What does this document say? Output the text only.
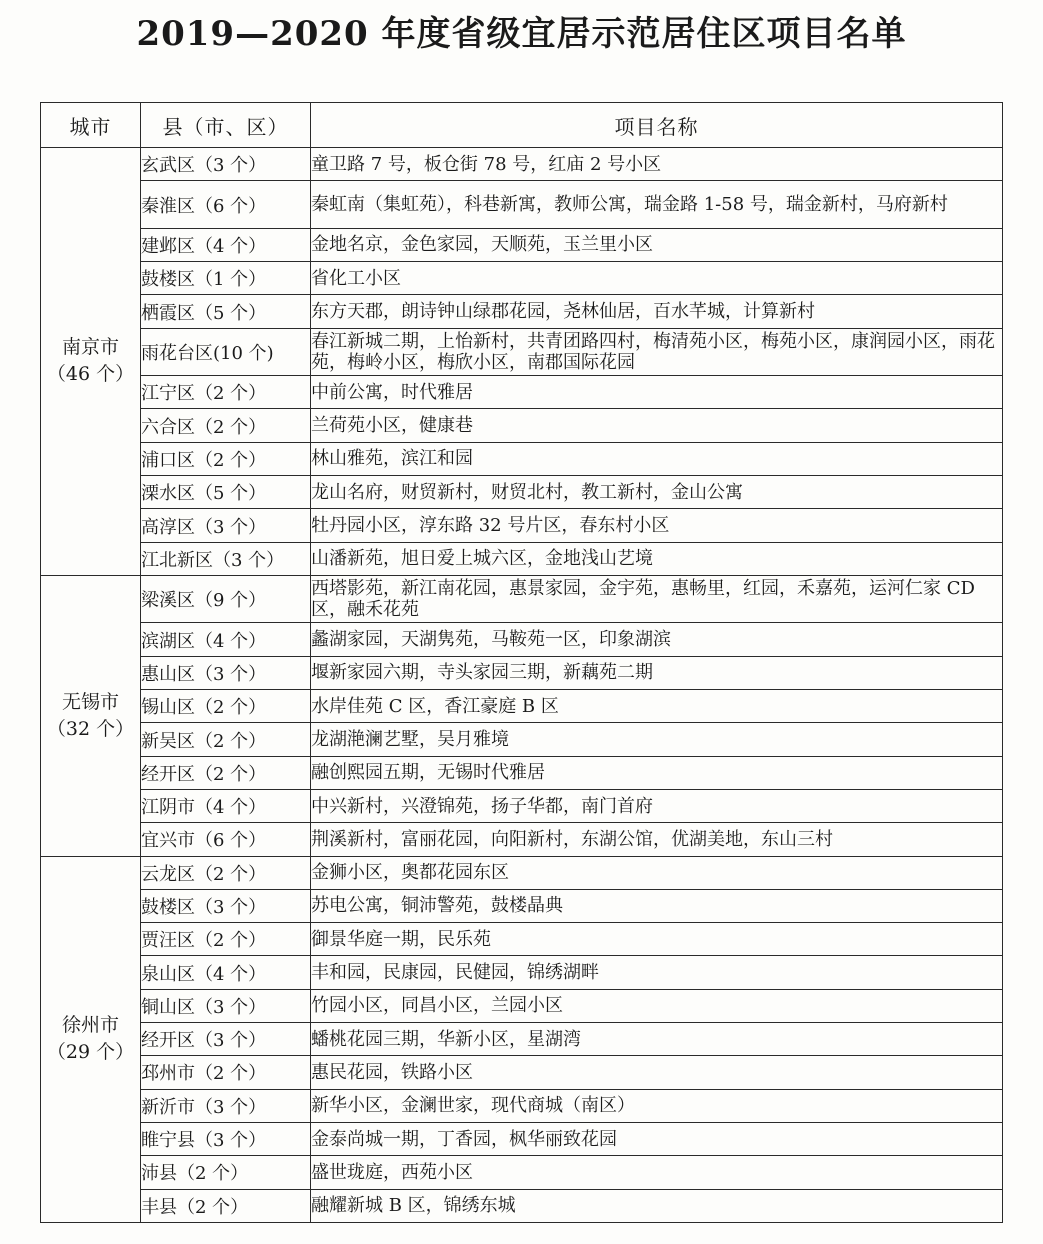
2019—2020 年度省级宜居示范居住区项目名单
城市	县（市、区）	项目名称

南京市
（46 个）	玄武区（3 个）	童卫路 7 号，板仓街 78 号，红庙 2 号小区
	秦淮区（6 个）	秦虹南（集虹苑），科巷新寓，教师公寓，瑞金路 1-58 号，瑞金新村，马府新村
	建邺区（4 个）	金地名京，金色家园，天顺苑，玉兰里小区
	鼓楼区（1 个）	省化工小区
	栖霞区（5 个）	东方天郡，朗诗钟山绿郡花园，尧林仙居，百水芊城，计算新村
	雨花台区(10 个)	春江新城二期，上怡新村，共青团路四村，梅清苑小区，梅苑小区，康润园小区，雨花苑，梅岭小区，梅欣小区，南郡国际花园
	江宁区（2 个）	中前公寓，时代雅居
	六合区（2 个）	兰荷苑小区，健康巷
	浦口区（2 个）	林山雅苑，滨江和园
	溧水区（5 个）	龙山名府，财贸新村，财贸北村，教工新村，金山公寓
	高淳区（3 个）	牡丹园小区，淳东路 32 号片区，春东村小区
	江北新区（3 个）	山潘新苑，旭日爱上城六区，金地浅山艺境

无锡市
（32 个）	梁溪区（9 个）	西塔影苑，新江南花园，惠景家园，金宇苑，惠畅里，红园，禾嘉苑，运河仁家 CD 区，融禾花苑
	滨湖区（4 个）	蠡湖家园，天湖隽苑，马鞍苑一区，印象湖滨
	惠山区（3 个）	堰新家园六期，寺头家园三期，新藕苑二期
	锡山区（2 个）	水岸佳苑 C 区，香江豪庭 B 区
	新吴区（2 个）	龙湖滟澜艺墅，吴月雅境
	经开区（2 个）	融创熙园五期，无锡时代雅居
	江阴市（4 个）	中兴新村，兴澄锦苑，扬子华都，南门首府
	宜兴市（6 个）	荆溪新村，富丽花园，向阳新村，东湖公馆，优湖美地，东山三村

徐州市
（29 个）	云龙区（2 个）	金狮小区，奥都花园东区
	鼓楼区（3 个）	苏电公寓，铜沛警苑，鼓楼晶典
	贾汪区（2 个）	御景华庭一期，民乐苑
	泉山区（4 个）	丰和园，民康园，民健园，锦绣湖畔
	铜山区（3 个）	竹园小区，同昌小区，兰园小区
	经开区（3 个）	蟠桃花园三期，华新小区，星湖湾
	邳州市（2 个）	惠民花园，铁路小区
	新沂市（3 个）	新华小区，金澜世家，现代商城（南区）
	睢宁县（3 个）	金泰尚城一期，丁香园，枫华丽致花园
	沛县（2 个）	盛世珑庭，西苑小区
	丰县（2 个）	融耀新城 B 区，锦绣东城
